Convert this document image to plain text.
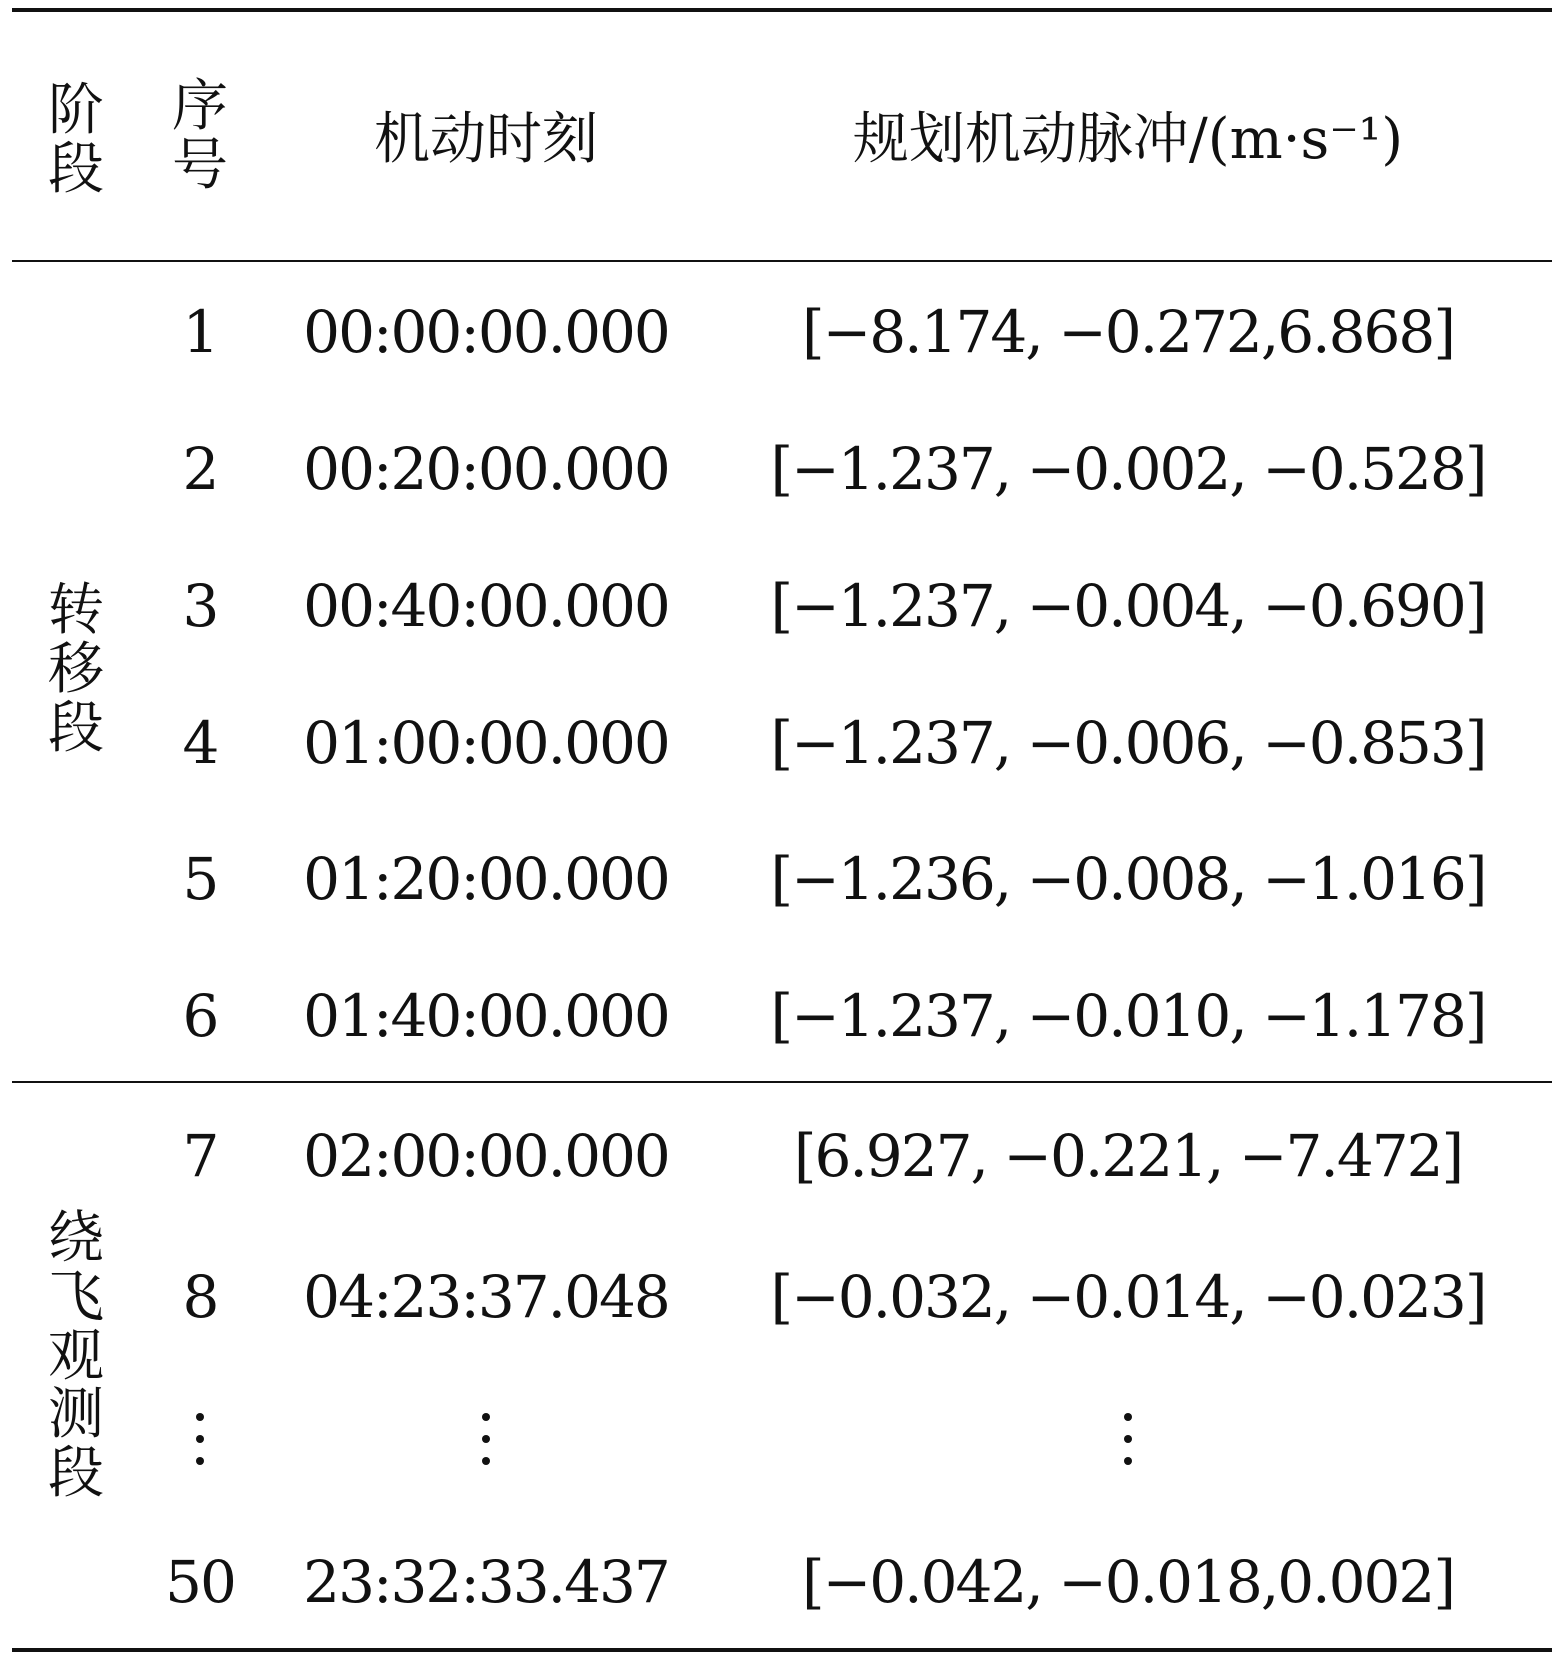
阶
段
序
号	机动时刻	规划机动脉冲/(m·s⁻¹)
转
移
段
绕
飞
观
测
段
1 00:00:00.000 [−8.174, −0.272,6.868]
2 00:20:00.000 [−1.237, −0.002, −0.528]
3 00:40:00.000 [−1.237, −0.004, −0.690]
4 01:00:00.000 [−1.237, −0.006, −0.853]
5 01:20:00.000 [−1.236, −0.008, −1.016]
6 01:40:00.000 [−1.237, −0.010, −1.178]
7 02:00:00.000 [6.927, −0.221, −7.472]
8 04:23:37.048 [−0.032, −0.014, −0.023]
50 23:32:33.437 [−0.042, −0.018,0.002]
